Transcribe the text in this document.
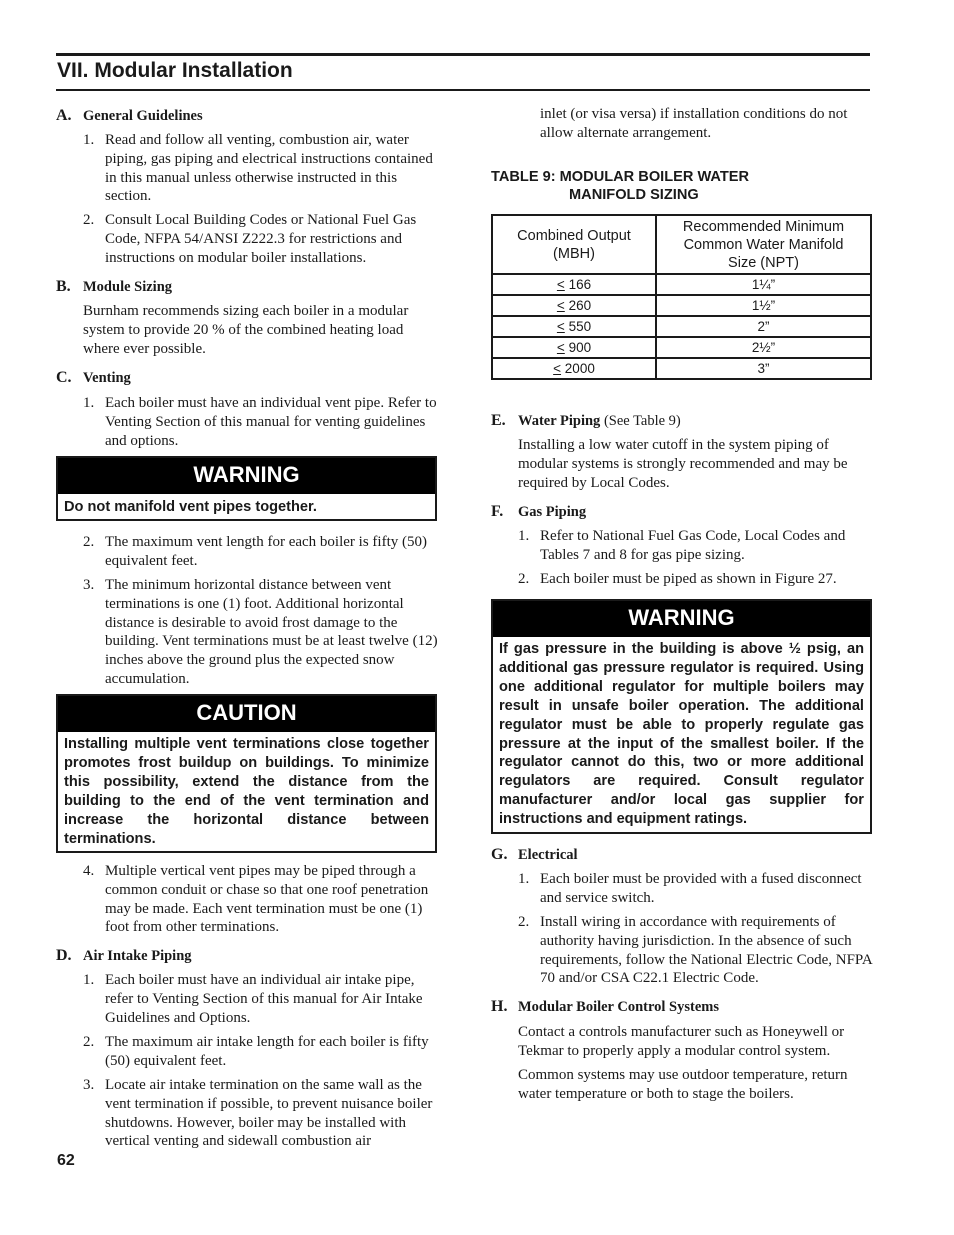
VII. Modular Installation
A. General Guidelines
1. Read and follow all venting, combustion air, water piping, gas piping and electrical instructions contained in this manual unless otherwise instructed in this section.
2. Consult Local Building Codes or National Fuel Gas Code, NFPA 54/ANSI Z222.3 for restrictions and instructions on modular boiler installations.
B. Module Sizing
Burnham recommends sizing each boiler in a modular system to provide 20 % of the combined heating load where ever possible.
C. Venting
1. Each boiler must have an individual vent pipe. Refer to Venting Section of this manual for venting guidelines and options.
WARNING
Do not manifold vent pipes together.
2. The maximum vent length for each boiler is fifty (50) equivalent feet.
3. The minimum horizontal distance between vent terminations is one (1) foot. Additional horizontal distance is desirable to avoid frost damage to the building. Vent terminations must be at least twelve (12) inches above the ground plus the expected snow accumulation.
CAUTION
Installing multiple vent terminations close together promotes frost buildup on buildings. To minimize this possibility, extend the distance from the building to the end of the vent termination and increase the horizontal distance between terminations.
4. Multiple vertical vent pipes may be piped through a common conduit or chase so that one roof penetration may be made. Each vent termination must be one (1) foot from other terminations.
D. Air Intake Piping
1. Each boiler must have an individual air intake pipe, refer to Venting Section of this manual for Air Intake Guidelines and Options.
2. The maximum air intake length for each boiler is fifty (50) equivalent feet.
3. Locate air intake termination on the same wall as the vent termination if possible, to prevent nuisance boiler shutdowns. However, boiler may be installed with vertical venting and sidewall combustion air
inlet (or visa versa) if installation conditions do not allow alternate arrangement.
TABLE 9: MODULAR BOILER WATER
MANIFOLD SIZING
Combined Output (MBH)	Recommended Minimum Common Water Manifold Size (NPT)

≤ 166	1¼”
≤ 260	1½”
≤ 550	2”
≤ 900	2½”
≤ 2000	3”
E. Water Piping (See Table 9)
Installing a low water cutoff in the system piping of modular systems is strongly recommended and may be required by Local Codes.
F. Gas Piping
1. Refer to National Fuel Gas Code, Local Codes and Tables 7 and 8 for gas pipe sizing.
2. Each boiler must be piped as shown in Figure 27.
WARNING
If gas pressure in the building is above ½ psig, an additional gas pressure regulator is required. Using one additional regulator for multiple boilers may result in unsafe boiler operation. The additional regulator must be able to properly regulate gas pressure at the input of the smallest boiler. If the regulator cannot do this, two or more additional regulators are required. Consult regulator manufacturer and/or local gas supplier for instructions and equipment ratings.
G. Electrical
1. Each boiler must be provided with a fused disconnect and service switch.
2. Install wiring in accordance with requirements of authority having jurisdiction. In the absence of such requirements, follow the National Electric Code, NFPA 70 and/or CSA C22.1 Electric Code.
H. Modular Boiler Control Systems
Contact a controls manufacturer such as Honeywell or Tekmar to properly apply a modular control system.
Common systems may use outdoor temperature, return water temperature or both to stage the boilers.
62
